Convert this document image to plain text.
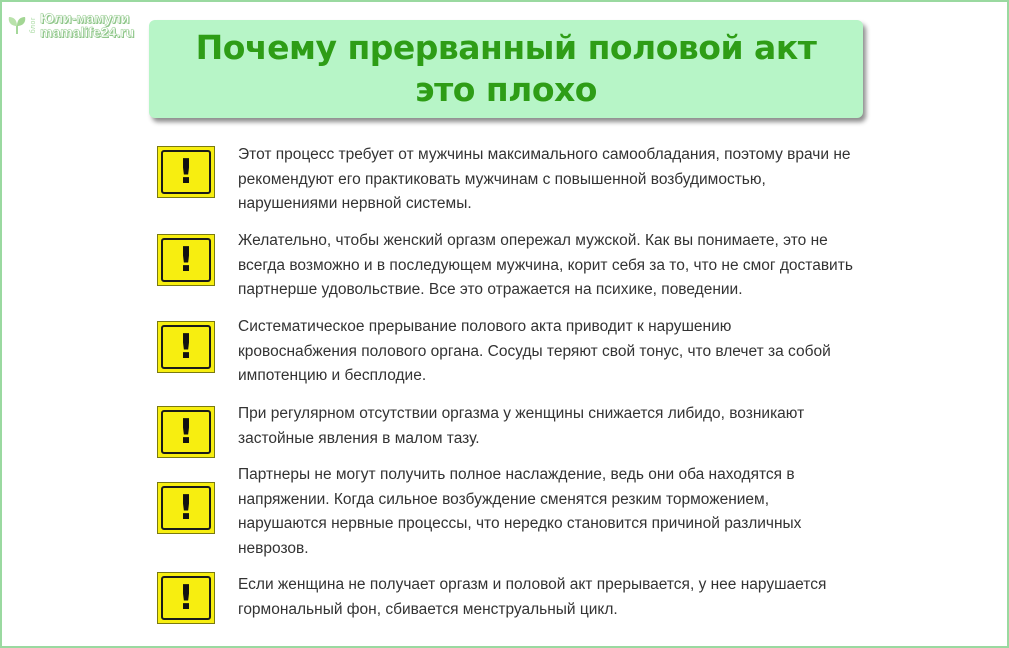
блог Юли-мамули
mamalife24.ru Почему прерванный половой акт
это плохо
!	Этот процесс требует от мужчины максимального самообладания, поэтому врачи не рекомендуют его практиковать мужчинам с повышенной возбудимостью, нарушениями нервной системы.
!	Желательно, чтобы женский оргазм опережал мужской. Как вы понимаете, это не всегда возможно и в последующем мужчина, корит себя за то, что не смог доставить партнерше удовольствие. Все это отражается на психике, поведении.
!
Систематическое прерывание полового акта приводит к нарушению кровоснабжения полового органа. Сосуды теряют свой тонус, что влечет за собой импотенцию и бесплодие.
!	При регулярном отсутствии оргазма у женщины снижается либидо, возникают застойные явления в малом тазу.
!
Партнеры не могут получить полное наслаждение, ведь они оба находятся в напряжении. Когда сильное возбуждение сменятся резким торможением, нарушаются нервные процессы, что нередко становится причиной различных неврозов.
!	Если женщина не получает оргазм и половой акт прерывается, у нее нарушается гормональный фон, сбивается менструальный цикл.
